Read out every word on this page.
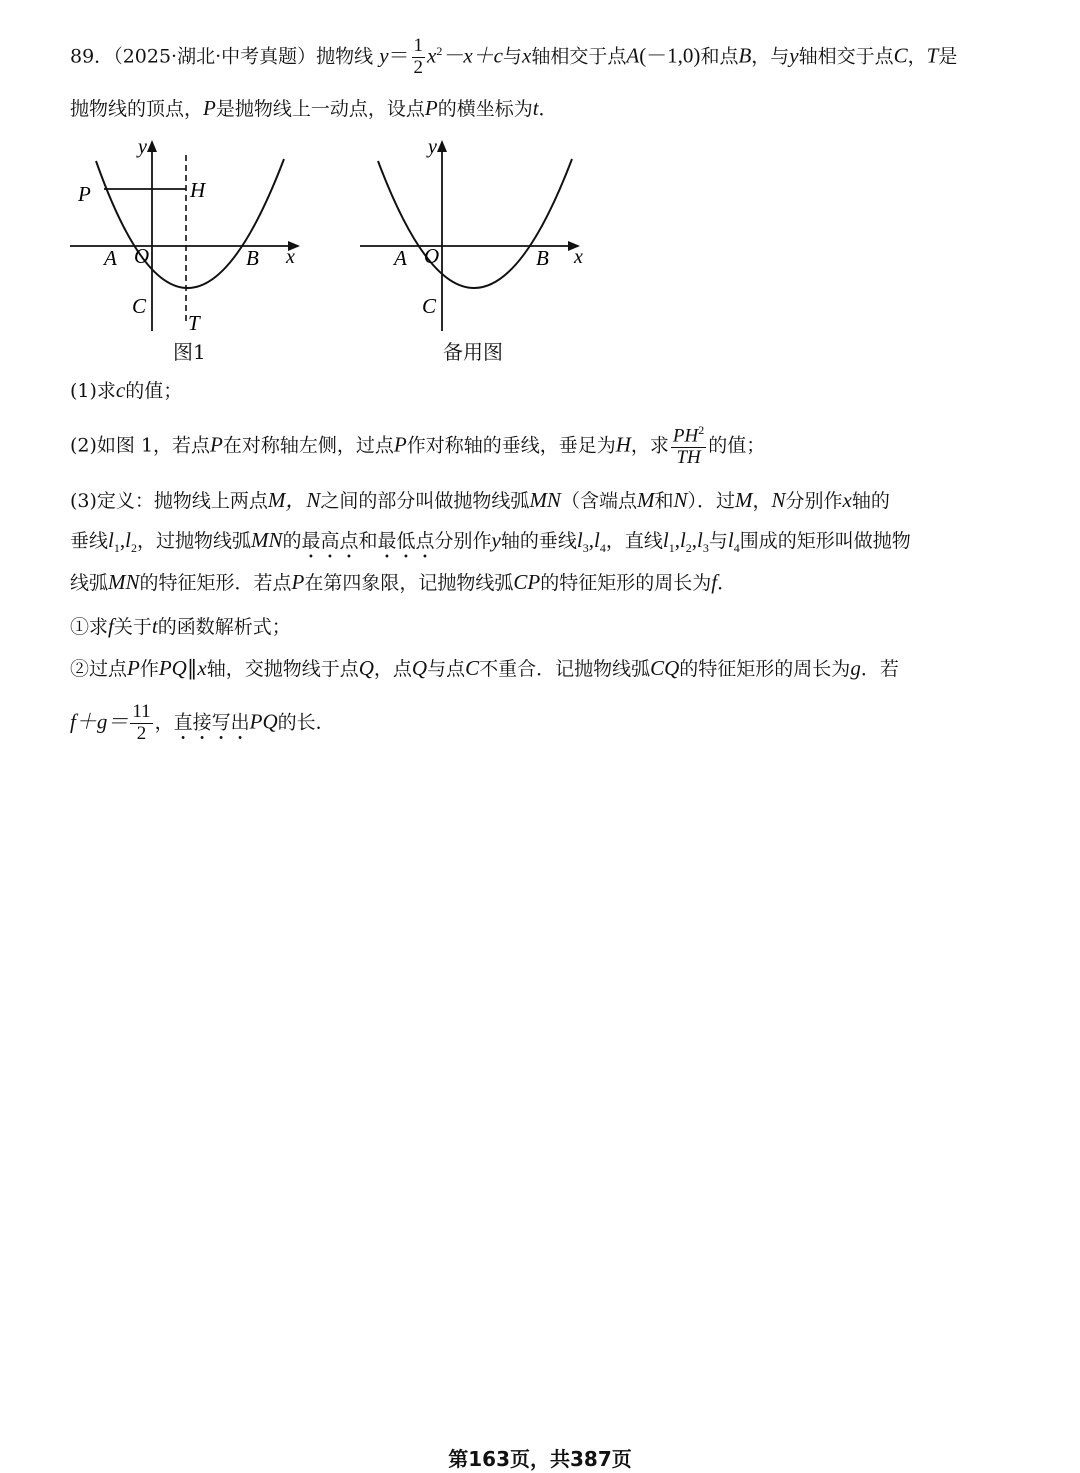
89．（2025·湖北·中考真题）抛物线 $y= \frac{1}{2} x^2-x+c$与x轴相交于点A(－1,0)和点B，与y轴相交于点C，T是
抛物线的顶点，P是抛物线上一动点，设点P的横坐标为t．
y
x
P	H
A O	B
C
T
图1
y
x
A O	B
C
备用图
(1)求c的值；
(2)如图 1，若点P在对称轴左侧，过点P作对称轴的垂线，垂足为H，求 $\frac{PH^2}{TH}$ 的值；
(3)定义：抛物线上两点M，N之间的部分叫做抛物线弧MN（含端点M和N）．过M，N分别作x轴的
垂线$l_1,l_2$，过抛物线弧MN的最高点和最低点分别作y轴的垂线$l_3,l_4$，直线$l_1,l_2,l_3$与$l_4$围成的矩形叫做抛物
线弧MN的特征矩形．若点P在第四象限，记抛物线弧CP的特征矩形的周长为f．
①求f关于t的函数解析式；
②过点P作PQ∥x轴，交抛物线于点Q，点Q与点C不重合．记抛物线弧CQ的特征矩形的周长为g．若
$f+g= \frac{11}{2}$ ，直接写出PQ的长．
第163页，共387页
